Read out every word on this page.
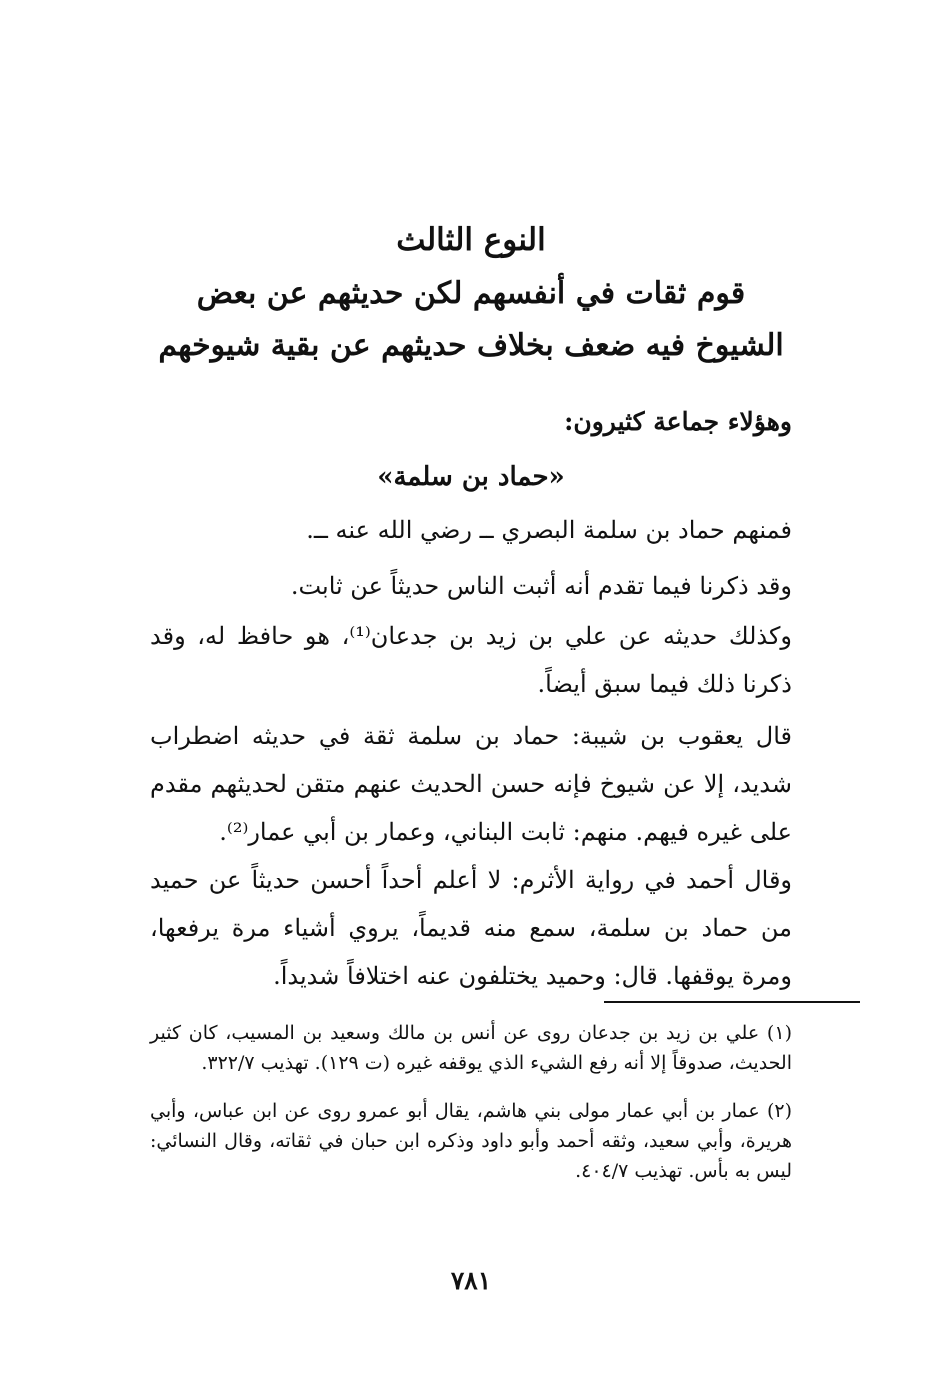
النوع الثالث
قوم ثقات في أنفسهم لكن حديثهم عن بعض
الشيوخ فيه ضعف بخلاف حديثهم عن بقية شيوخهم

وهؤلاء جماعة كثيرون:

«حماد بن سلمة»

فمنهم حماد بن سلمة البصري ــ رضي الله عنه ــ.

وقد ذكرنا فيما تقدم أنه أثبت الناس حديثاً عن ثابت.

وكذلك حديثه عن علي بن زيد بن جدعان⁽¹⁾، هو حافظ له، وقد ذكرنا ذلك فيما سبق أيضاً.

قال يعقوب بن شيبة: حماد بن سلمة ثقة في حديثه اضطراب شديد، إلا عن شيوخ فإنه حسن الحديث عنهم متقن لحديثهم مقدم على غيره فيهم. منهم: ثابت البناني، وعمار بن أبي عمار⁽²⁾.

وقال أحمد في رواية الأثرم: لا أعلم أحداً أحسن حديثاً عن حميد من حماد بن سلمة، سمع منه قديماً، يروي أشياء مرة يرفعها، ومرة يوقفها. قال: وحميد يختلفون عنه اختلافاً شديداً.

(١) علي بن زيد بن جدعان روى عن أنس بن مالك وسعيد بن المسيب، كان كثير الحديث، صدوقاً إلا أنه رفع الشيء الذي يوقفه غيره (ت ١٢٩). تهذيب ٣٢٢/٧.

(٢) عمار بن أبي عمار مولى بني هاشم، يقال أبو عمرو روى عن ابن عباس، وأبي هريرة، وأبي سعيد، وثقه أحمد وأبو داود وذكره ابن حبان في ثقاته، وقال النسائي: ليس به بأس. تهذيب ٤٠٤/٧.

٧٨١
